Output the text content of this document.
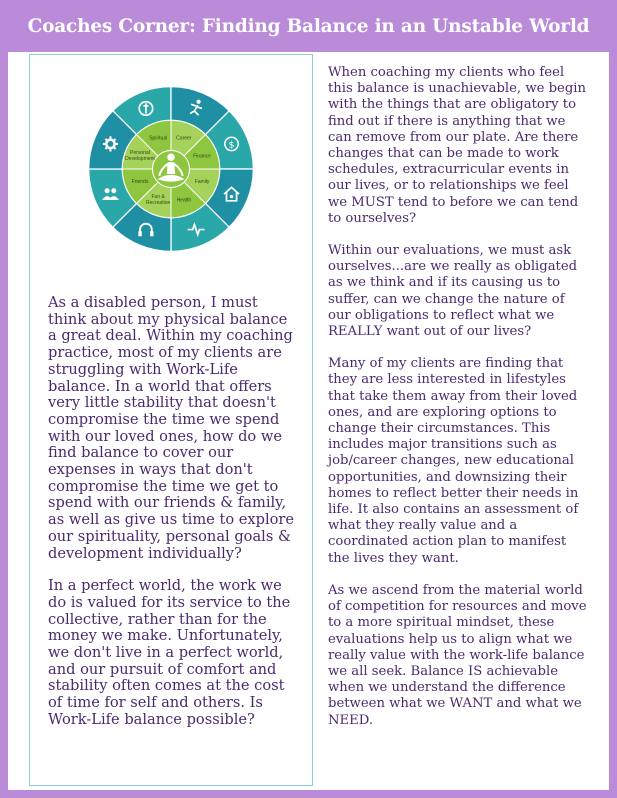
Coaches Corner: Finding Balance in an Unstable World
Spiritual Career
Finance
Family
Health
Fun & Recreation
Friends
Personal Development
$

As a disabled person, I must think about my physical balance a great deal. Within my coaching practice, most of my clients are struggling with Work-Life balance. In a world that offers very little stability that doesn't compromise the time we spend with our loved ones, how do we find balance to cover our expenses in ways that don't compromise the time we get to spend with our friends & family, as well as give us time to explore our spirituality, personal goals & development individually?

In a perfect world, the work we do is valued for its service to the collective, rather than for the money we make. Unfortunately, we don't live in a perfect world, and our pursuit of comfort and stability often comes at the cost of time for self and others. Is Work-Life balance possible?

When coaching my clients who feel this balance is unachievable, we begin with the things that are obligatory to find out if there is anything that we can remove from our plate. Are there changes that can be made to work schedules, extracurricular events in our lives, or to relationships we feel we MUST tend to before we can tend to ourselves?

Within our evaluations, we must ask ourselves...are we really as obligated as we think and if its causing us to suffer, can we change the nature of our obligations to reflect what we REALLY want out of our lives?

Many of my clients are finding that they are less interested in lifestyles that take them away from their loved ones, and are exploring options to change their circumstances. This includes major transitions such as job/career changes, new educational opportunities, and downsizing their homes to reflect better their needs in life. It also contains an assessment of what they really value and a coordinated action plan to manifest the lives they want.

As we ascend from the material world of competition for resources and move to a more spiritual mindset, these evaluations help us to align what we really value with the work-life balance we all seek. Balance IS achievable when we understand the difference between what we WANT and what we NEED.
